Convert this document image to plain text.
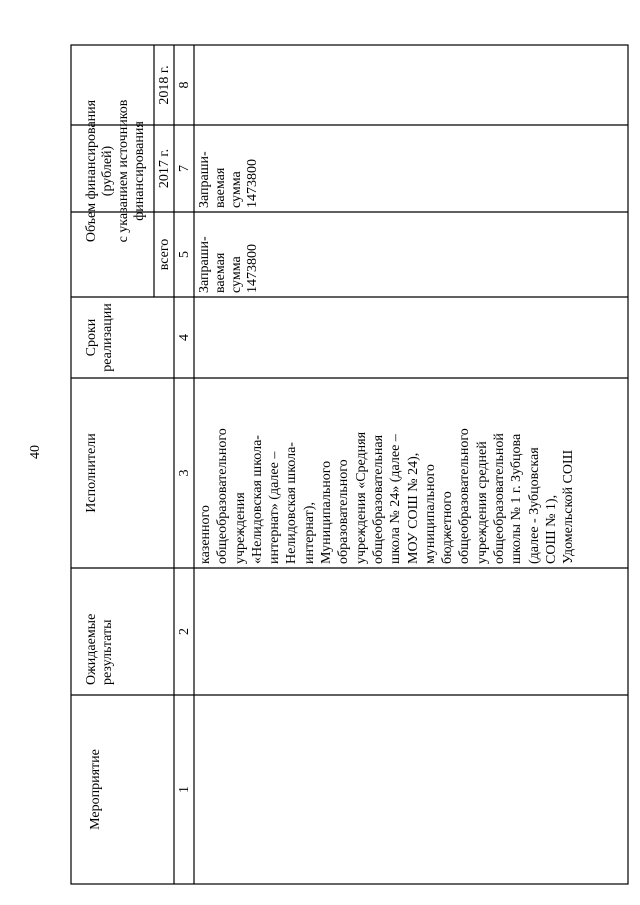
40
Мероприятие
Ожидаемые результаты
Исполнители
Сроки реализации
Объем финансирования (рублей) с указанием источников финансирования
всего
2017 г.
2018 г.
1
2
3
4
5
7
8
казенного общеобразовательного учреждения «Нелидовская школа- интернат» (далее – Нелидовская школа- интернат), Муниципального образовательного учреждения «Средняя общеобразовательная школа № 24» (далее – МОУ СОШ № 24), муниципального бюджетного общеобразовательного учреждения средней общеобразовательной школы № 1 г. Зубцова (далее - Зубцовская СОШ № 1), Удомельской СОШ
Запраши- ваемая сумма 1473800
Запраши- ваемая сумма 1473800
